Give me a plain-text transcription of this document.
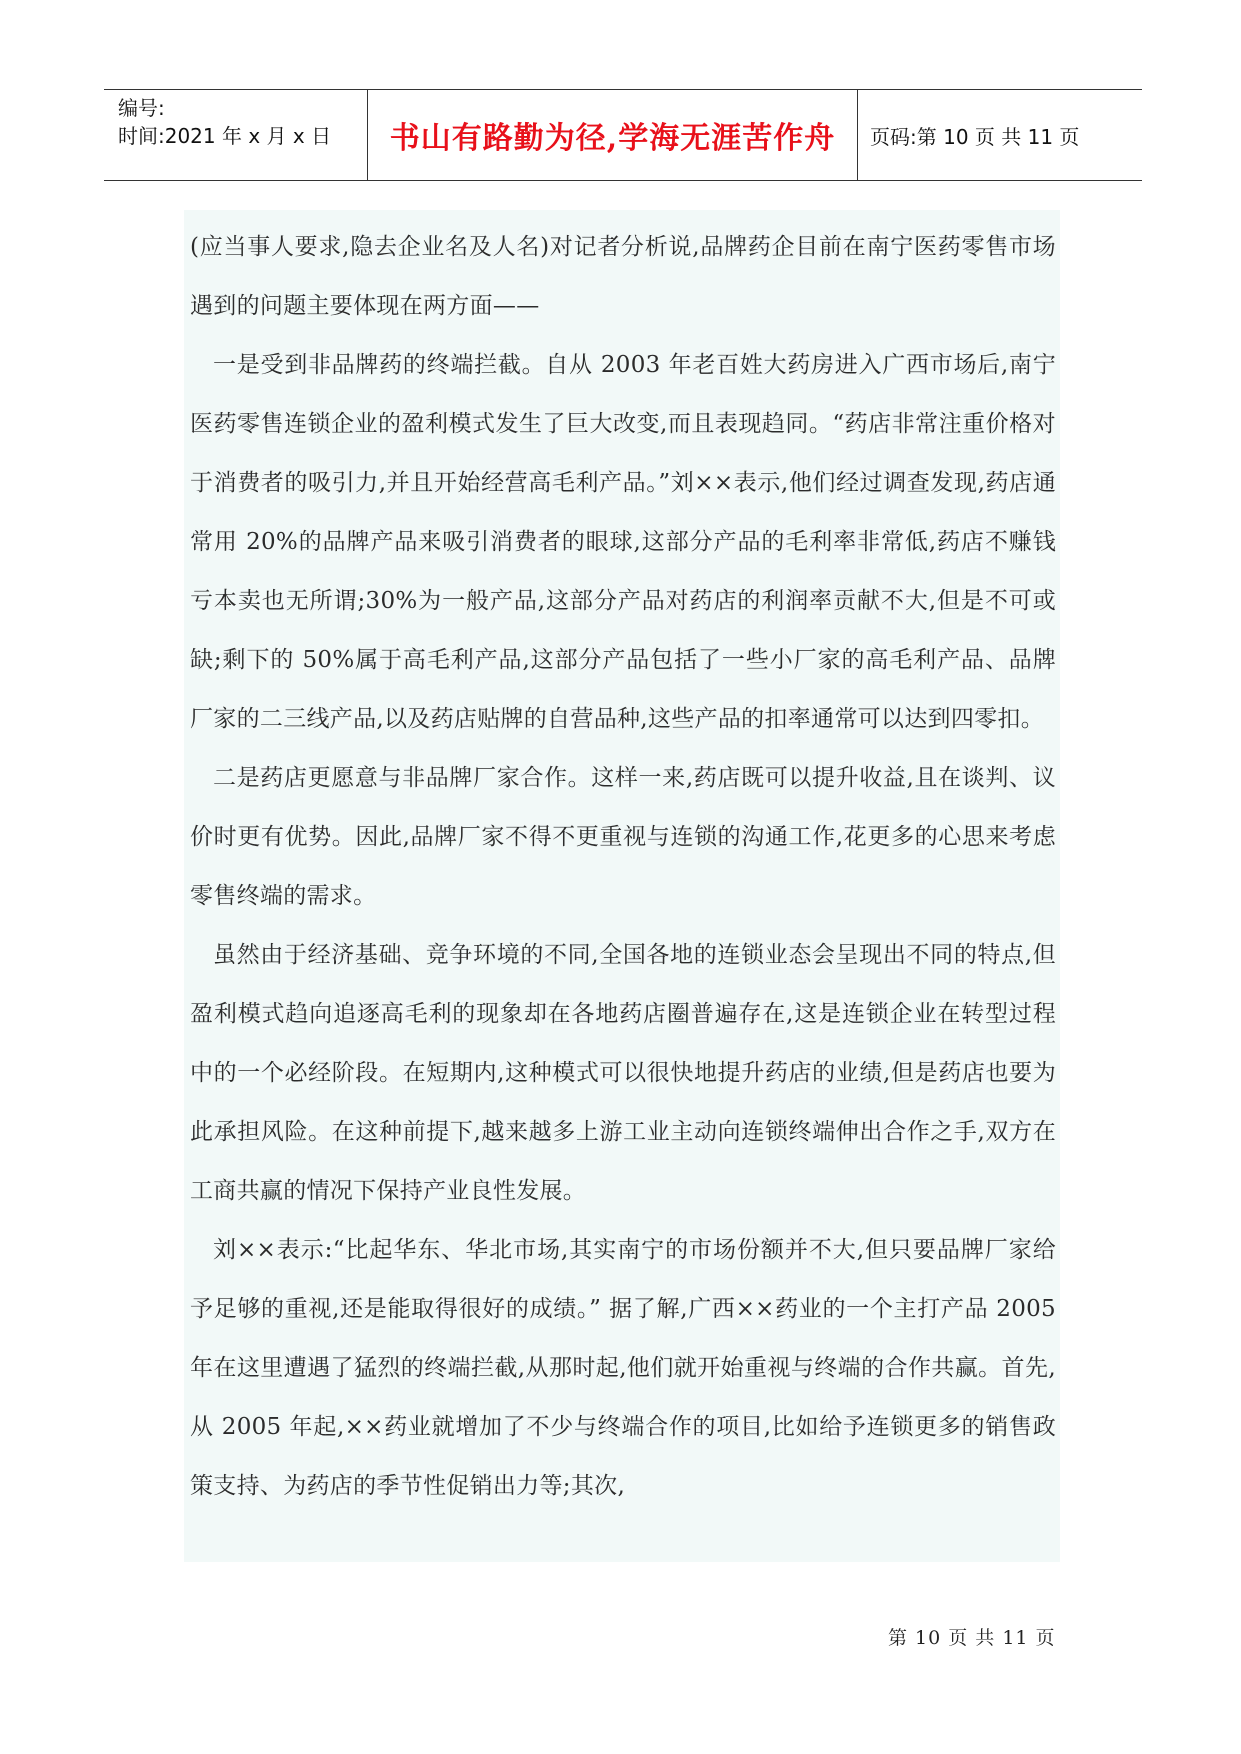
编号:
时间:2021 年 x 月 x 日	书山有路勤为径,学海无涯苦作舟	页码:第 10 页 共 11 页

(应当事人要求,隐去企业名及人名)对记者分析说,品牌药企目前在南宁医药零售市场遇到的问题主要体现在两方面——

一是受到非品牌药的终端拦截。自从 2003 年老百姓大药房进入广西市场后,南宁医药零售连锁企业的盈利模式发生了巨大改变,而且表现趋同。“药店非常注重价格对于消费者的吸引力,并且开始经营高毛利产品。”刘××表示,他们经过调查发现,药店通常用 20%的品牌产品来吸引消费者的眼球,这部分产品的毛利率非常低,药店不赚钱亏本卖也无所谓;30%为一般产品,这部分产品对药店的利润率贡献不大,但是不可或缺;剩下的 50%属于高毛利产品,这部分产品包括了一些小厂家的高毛利产品、品牌厂家的二三线产品,以及药店贴牌的自营品种,这些产品的扣率通常可以达到四零扣。

二是药店更愿意与非品牌厂家合作。这样一来,药店既可以提升收益,且在谈判、议价时更有优势。因此,品牌厂家不得不更重视与连锁的沟通工作,花更多的心思来考虑零售终端的需求。

虽然由于经济基础、竞争环境的不同,全国各地的连锁业态会呈现出不同的特点,但盈利模式趋向追逐高毛利的现象却在各地药店圈普遍存在,这是连锁企业在转型过程中的一个必经阶段。在短期内,这种模式可以很快地提升药店的业绩,但是药店也要为此承担风险。在这种前提下,越来越多上游工业主动向连锁终端伸出合作之手,双方在工商共赢的情况下保持产业良性发展。

刘××表示:“比起华东、华北市场,其实南宁的市场份额并不大,但只要品牌厂家给予足够的重视,还是能取得很好的成绩。” 据了解,广西××药业的一个主打产品 2005 年在这里遭遇了猛烈的终端拦截,从那时起,他们就开始重视与终端的合作共赢。首先,从 2005 年起,××药业就增加了不少与终端合作的项目,比如给予连锁更多的销售政策支持、为药店的季节性促销出力等;其次,

第 10 页 共 11 页
